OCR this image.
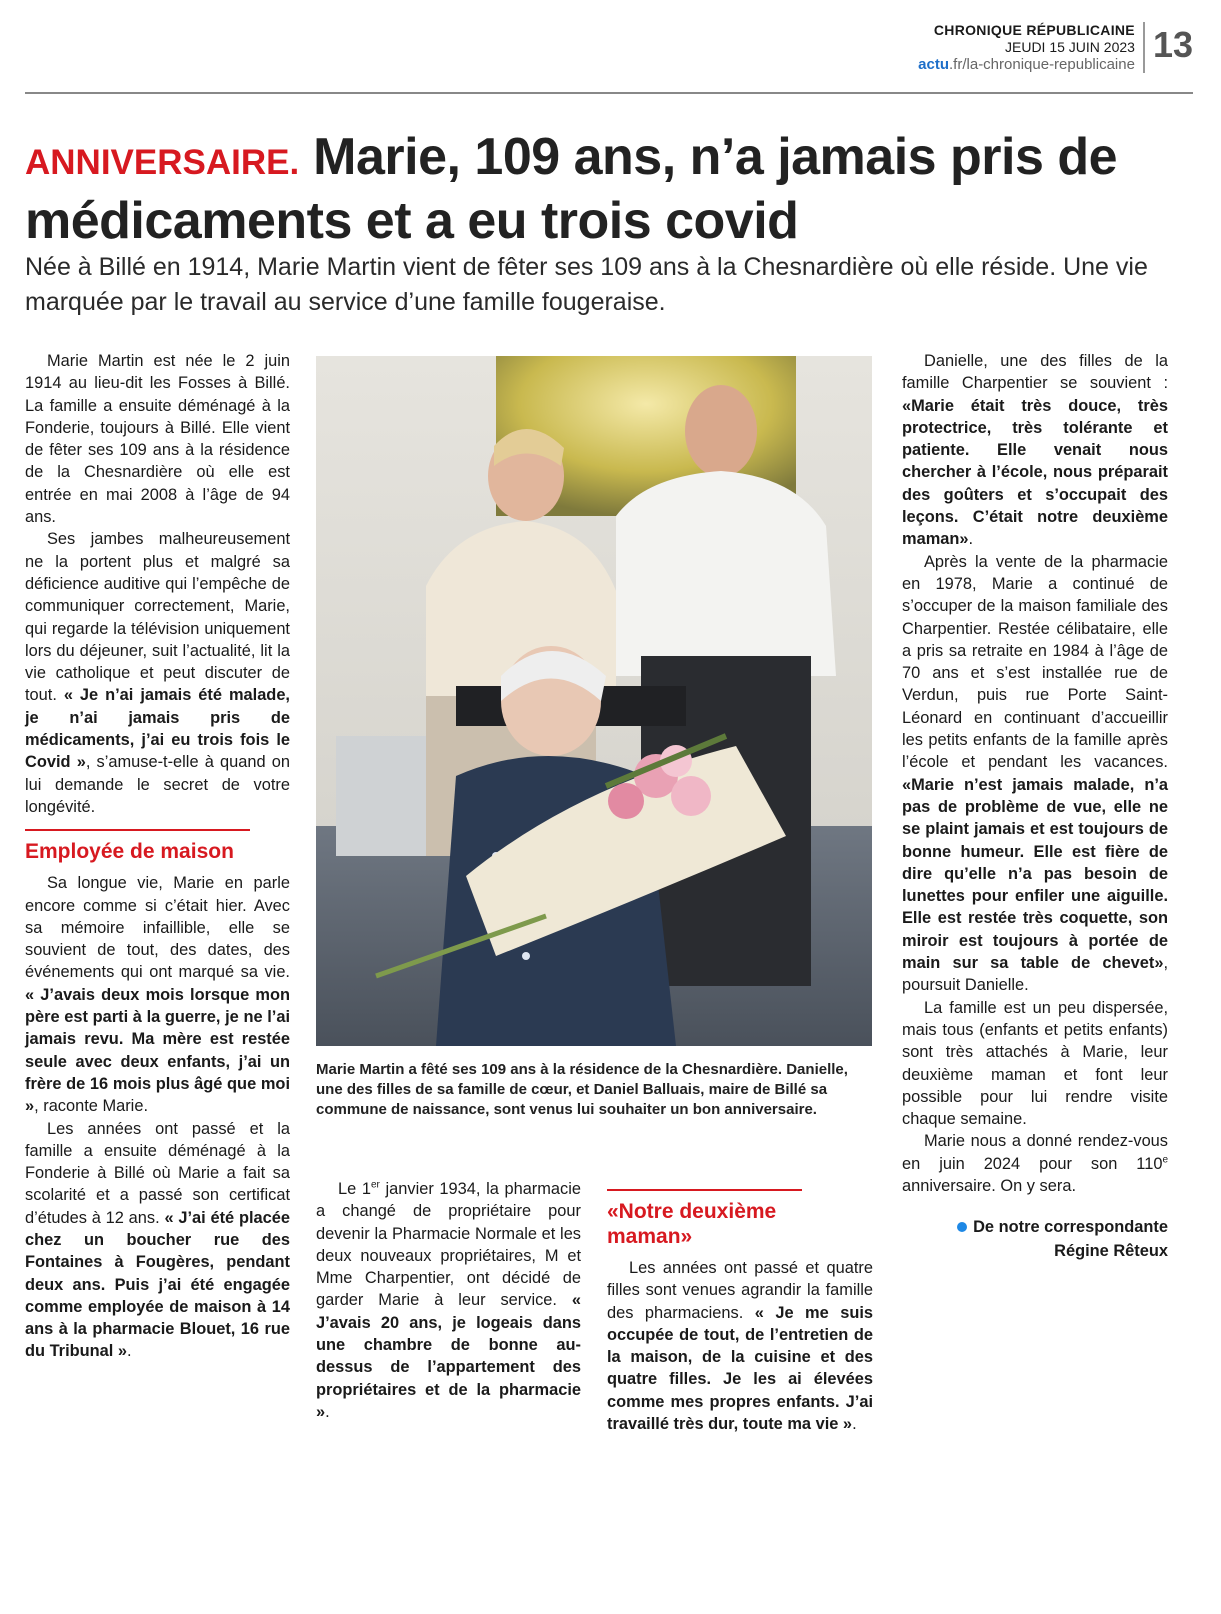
CHRONIQUE RÉPUBLICAINE
JEUDI 15 JUIN 2023
actu.fr/la-chronique-republicaine 13
ANNIVERSAIRE. Marie, 109 ans, n’a jamais pris de médicaments et a eu trois covid
Née à Billé en 1914, Marie Martin vient de fêter ses 109 ans à la Chesnardière où elle réside. Une vie marquée par le travail au service d’une famille fougeraise.

Marie Martin est née le 2 juin 1914 au lieu-dit les Fosses à Billé. La famille a ensuite déménagé à la Fonderie, toujours à Billé. Elle vient de fêter ses 109 ans à la résidence de la Chesnardière où elle est entrée en mai 2008 à l’âge de 94 ans.

Ses jambes malheureusement ne la portent plus et malgré sa déficience auditive qui l’empêche de communiquer correctement, Marie, qui regarde la télévision uniquement lors du déjeuner, suit l’actualité, lit la vie catholique et peut discuter de tout. « Je n’ai jamais été malade, je n’ai jamais pris de médicaments, j’ai eu trois fois le Covid », s’amuse-t-elle à quand on lui demande le secret de votre longévité.

Employée de maison

Sa longue vie, Marie en parle encore comme si c’était hier. Avec sa mémoire infaillible, elle se souvient de tout, des dates, des événements qui ont marqué sa vie. « J’avais deux mois lorsque mon père est parti à la guerre, je ne l’ai jamais revu. Ma mère est restée seule avec deux enfants, j’ai un frère de 16 mois plus âgé que moi », raconte Marie.

Les années ont passé et la famille a ensuite déménagé à la Fonderie à Billé où Marie a fait sa scolarité et a passé son certificat d’études à 12 ans. « J’ai été placée chez un boucher rue des Fontaines à Fougères, pendant deux ans. Puis j’ai été engagée comme employée de maison à 14 ans à la pharmacie Blouet, 16 rue du Tribunal ».

Marie Martin a fêté ses 109 ans à la résidence de la Chesnardière. Danielle, une des filles de sa famille de cœur, et Daniel Balluais, maire de Billé sa commune de naissance, sont venus lui souhaiter un bon anniversaire.

Le 1er janvier 1934, la pharmacie a changé de propriétaire pour devenir la Pharmacie Normale et les deux nouveaux propriétaires, M et Mme Charpentier, ont décidé de garder Marie à leur service. « J’avais 20 ans, je logeais dans une chambre de bonne au-dessus de l’appartement des propriétaires et de la pharmacie ».

«Notre deuxième maman»

Les années ont passé et quatre filles sont venues agrandir la famille des pharmaciens. « Je me suis occupée de tout, de l’entretien de la maison, de la cuisine et des quatre filles. Je les ai élevées comme mes propres enfants. J’ai travaillé très dur, toute ma vie ».

Danielle, une des filles de la famille Charpentier se souvient : «Marie était très douce, très protectrice, très tolérante et patiente. Elle venait nous chercher à l’école, nous préparait des goûters et s’occupait des leçons. C’était notre deuxième maman».

Après la vente de la pharmacie en 1978, Marie a continué de s’occuper de la maison familiale des Charpentier. Restée célibataire, elle a pris sa retraite en 1984 à l’âge de 70 ans et s’est installée rue de Verdun, puis rue Porte Saint-Léonard en continuant d’accueillir les petits enfants de la famille après l’école et pendant les vacances. «Marie n’est jamais malade, n’a pas de problème de vue, elle ne se plaint jamais et est toujours de bonne humeur. Elle est fière de dire qu’elle n’a pas besoin de lunettes pour enfiler une aiguille. Elle est restée très coquette, son miroir est toujours à portée de main sur sa table de chevet», poursuit Danielle.

La famille est un peu dispersée, mais tous (enfants et petits enfants) sont très attachés à Marie, leur deuxième maman et font leur possible pour lui rendre visite chaque semaine.

Marie nous a donné rendez-vous en juin 2024 pour son 110e anniversaire. On y sera.

De notre correspondante
Régine Rêteux
